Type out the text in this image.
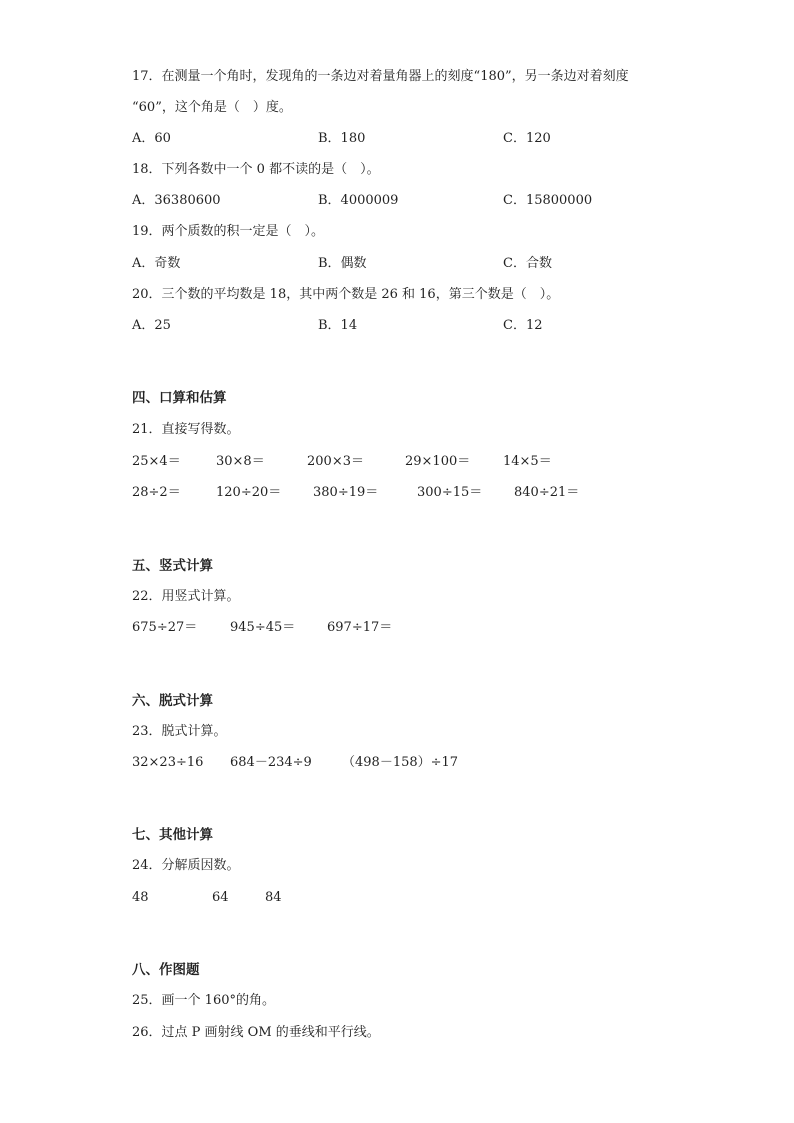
17．在测量一个角时，发现角的一条边对着量角器上的刻度“180”，另一条边对着刻度
“60”，这个角是（　）度。
A．60	B．180	C．120
18．下列各数中一个 0 都不读的是（　）。
A．36380600	B．4000009	C．15800000
19．两个质数的积一定是（　）。
A．奇数	B．偶数	C．合数
20．三个数的平均数是 18，其中两个数是 26 和 16，第三个数是（　）。
A．25	B．14	C．12
四、口算和估算
21．直接写得数。
25×4＝	30×8＝	200×3＝	29×100＝	14×5＝
28÷2＝	120÷20＝ 380÷19＝	300÷15＝ 840÷21＝
五、竖式计算
22．用竖式计算。
675÷27＝	945÷45＝ 697÷17＝
六、脱式计算
23．脱式计算。
32×23÷16 684－234÷9 （498－158）÷17
七、其他计算
24．分解质因数。
48	64	84
八、作图题
25．画一个 160°的角。
26．过点 P 画射线 OM 的垂线和平行线。
